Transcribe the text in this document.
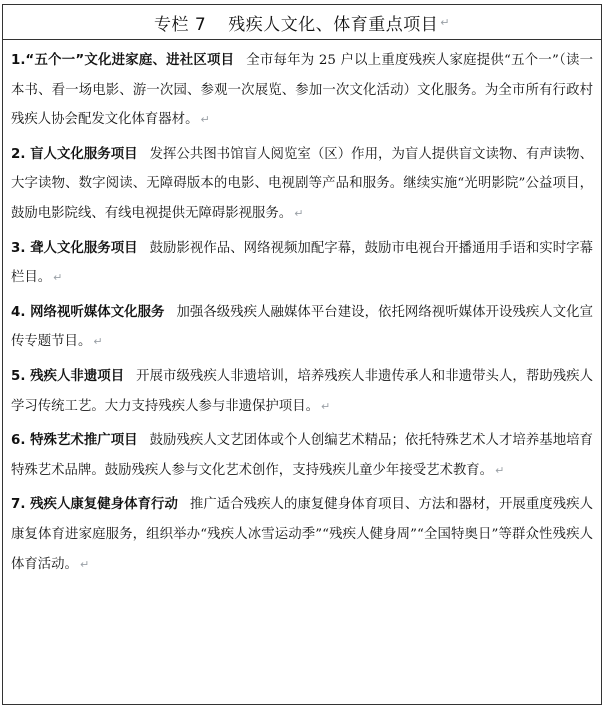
专栏 7 残疾人文化、体育重点项目 ↵

1.“五个一”文化进家庭、进社区项目 全市每年为 25 户以上重度残疾人家庭提供“五个一”（读一本书、看一场电影、游一次园、参观一次展览、参加一次文化活动）文化服务。为全市所有行政村残疾人协会配发文化体育器材。 ↵

2. 盲人文化服务项目 发挥公共图书馆盲人阅览室（区）作用，为盲人提供盲文读物、有声读物、大字读物、数字阅读、无障碍版本的电影、电视剧等产品和服务。继续实施“光明影院”公益项目，鼓励电影院线、有线电视提供无障碍影视服务。 ↵

3. 聋人文化服务项目 鼓励影视作品、网络视频加配字幕，鼓励市电视台开播通用手语和实时字幕栏目。 ↵

4. 网络视听媒体文化服务 加强各级残疾人融媒体平台建设，依托网络视听媒体开设残疾人文化宣传专题节目。 ↵

5. 残疾人非遗项目 开展市级残疾人非遗培训，培养残疾人非遗传承人和非遗带头人，帮助残疾人学习传统工艺。大力支持残疾人参与非遗保护项目。 ↵

6. 特殊艺术推广项目 鼓励残疾人文艺团体或个人创编艺术精品；依托特殊艺术人才培养基地培育特殊艺术品牌。鼓励残疾人参与文化艺术创作，支持残疾儿童少年接受艺术教育。 ↵

7. 残疾人康复健身体育行动 推广适合残疾人的康复健身体育项目、方法和器材，开展重度残疾人康复体育进家庭服务，组织举办“残疾人冰雪运动季”“残疾人健身周”“全国特奥日”等群众性残疾人体育活动。 ↵
